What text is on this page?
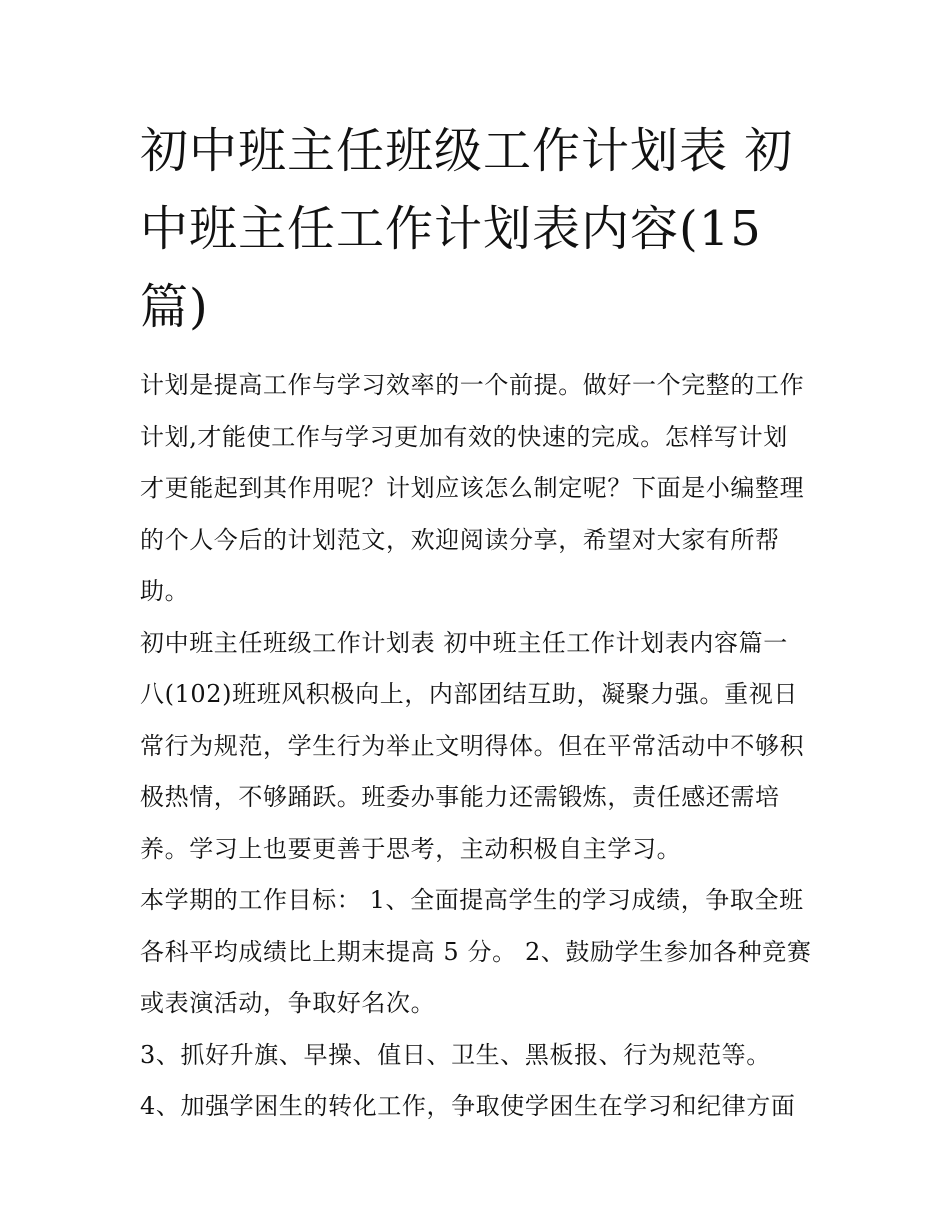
初中班主任班级工作计划表 初
中班主任工作计划表内容(15
篇)
计划是提高工作与学习效率的一个前提。做好一个完整的工作
计划,才能使工作与学习更加有效的快速的完成。怎样写计划
才更能起到其作用呢？计划应该怎么制定呢？下面是小编整理
的个人今后的计划范文，欢迎阅读分享，希望对大家有所帮
助。
初中班主任班级工作计划表 初中班主任工作计划表内容篇一
八(102)班班风积极向上，内部团结互助，凝聚力强。重视日
常行为规范，学生行为举止文明得体。但在平常活动中不够积
极热情，不够踊跃。班委办事能力还需锻炼，责任感还需培
养。学习上也要更善于思考，主动积极自主学习。
本学期的工作目标： 1、全面提高学生的学习成绩，争取全班
各科平均成绩比上期末提高 5 分。 2、鼓励学生参加各种竞赛
或表演活动，争取好名次。
3、抓好升旗、早操、值日、卫生、黑板报、行为规范等。
4、加强学困生的转化工作，争取使学困生在学习和纪律方面
